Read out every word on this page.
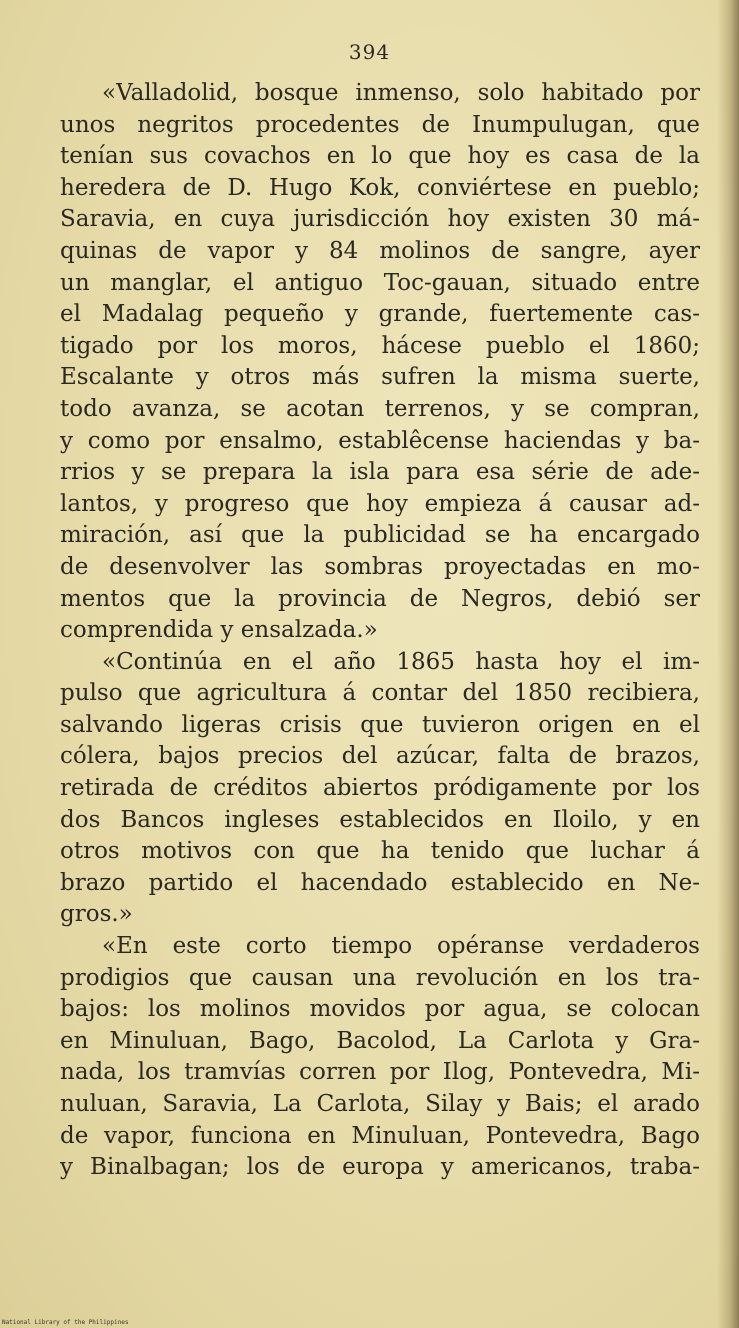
394
«Valladolid, bosque inmenso, solo habitado por
unos negritos procedentes de Inumpulugan, que
tenían sus covachos en lo que hoy es casa de la
heredera de D. Hugo Kok, conviértese en pueblo;
Saravia, en cuya jurisdicción hoy existen 30 má-
quinas de vapor y 84 molinos de sangre, ayer
un manglar, el antiguo Toc-gauan, situado entre
el Madalag pequeño y grande, fuertemente cas-
tigado por los moros, hácese pueblo el 1860;
Escalante y otros más sufren la misma suerte,
todo avanza, se acotan terrenos, y se compran,
y como por ensalmo, establêcense haciendas y ba-
rrios y se prepara la isla para esa série de ade-
lantos, y progreso que hoy empieza á causar ad-
miración, así que la publicidad se ha encargado
de desenvolver las sombras proyectadas en mo-
mentos que la provincia de Negros, debió ser
comprendida y ensalzada.»
«Continúa en el año 1865 hasta hoy el im-
pulso que agricultura á contar del 1850 recibiera,
salvando ligeras crisis que tuvieron origen en el
cólera, bajos precios del azúcar, falta de brazos,
retirada de créditos abiertos pródigamente por los
dos Bancos ingleses establecidos en Iloilo, y en
otros motivos con que ha tenido que luchar á
brazo partido el hacendado establecido en Ne-
gros.»
«En este corto tiempo opéranse verdaderos
prodigios que causan una revolución en los tra-
bajos: los molinos movidos por agua, se colocan
en Minuluan, Bago, Bacolod, La Carlota y Gra-
nada, los tramvías corren por Ilog, Pontevedra, Mi-
nuluan, Saravia, La Carlota, Silay y Bais; el arado
de vapor, funciona en Minuluan, Pontevedra, Bago
y Binalbagan; los de europa y americanos, traba-
National Library of the Philippines
